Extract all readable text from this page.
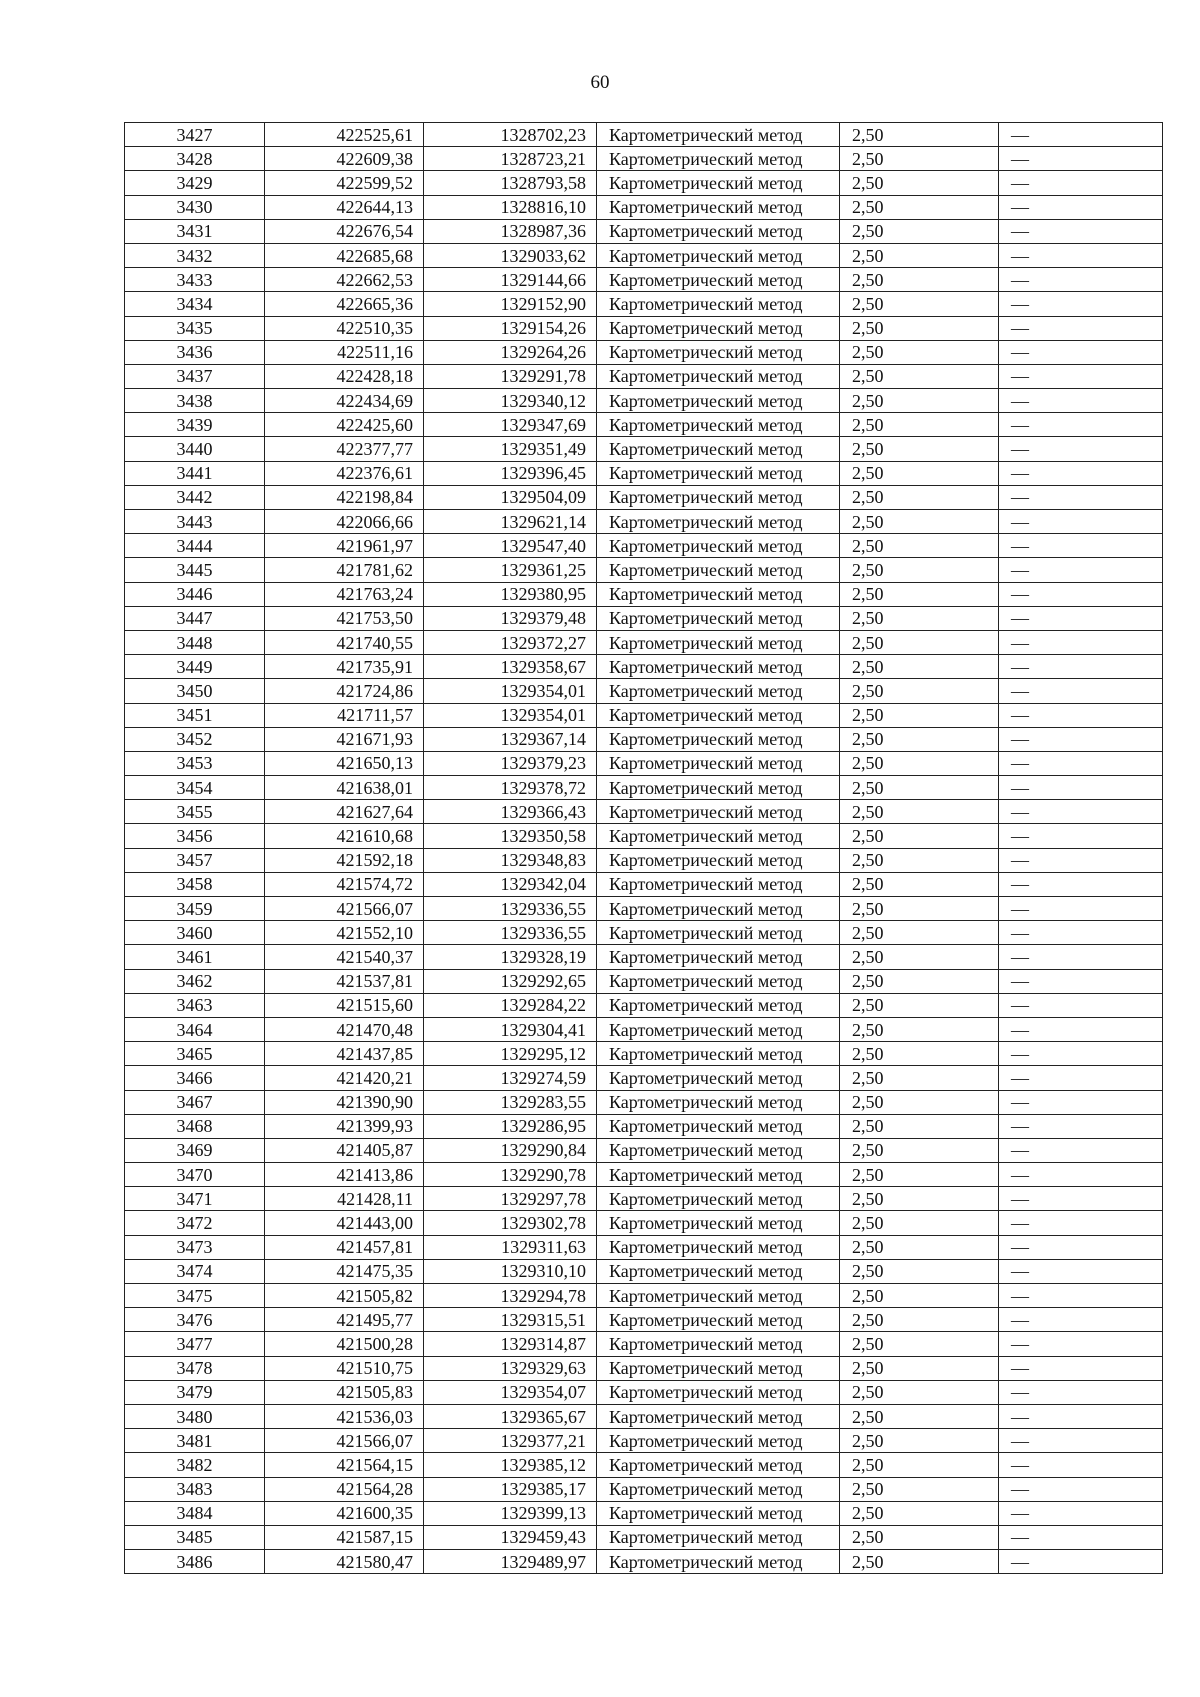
60
3427	422525,61	1328702,23	Картометрический метод	2,50	—
3428	422609,38	1328723,21	Картометрический метод	2,50	—
3429	422599,52	1328793,58	Картометрический метод	2,50	—
3430	422644,13	1328816,10	Картометрический метод	2,50	—
3431	422676,54	1328987,36	Картометрический метод	2,50	—
3432	422685,68	1329033,62	Картометрический метод	2,50	—
3433	422662,53	1329144,66	Картометрический метод	2,50	—
3434	422665,36	1329152,90	Картометрический метод	2,50	—
3435	422510,35	1329154,26	Картометрический метод	2,50	—
3436	422511,16	1329264,26	Картометрический метод	2,50	—
3437	422428,18	1329291,78	Картометрический метод	2,50	—
3438	422434,69	1329340,12	Картометрический метод	2,50	—
3439	422425,60	1329347,69	Картометрический метод	2,50	—
3440	422377,77	1329351,49	Картометрический метод	2,50	—
3441	422376,61	1329396,45	Картометрический метод	2,50	—
3442	422198,84	1329504,09	Картометрический метод	2,50	—
3443	422066,66	1329621,14	Картометрический метод	2,50	—
3444	421961,97	1329547,40	Картометрический метод	2,50	—
3445	421781,62	1329361,25	Картометрический метод	2,50	—
3446	421763,24	1329380,95	Картометрический метод	2,50	—
3447	421753,50	1329379,48	Картометрический метод	2,50	—
3448	421740,55	1329372,27	Картометрический метод	2,50	—
3449	421735,91	1329358,67	Картометрический метод	2,50	—
3450	421724,86	1329354,01	Картометрический метод	2,50	—
3451	421711,57	1329354,01	Картометрический метод	2,50	—
3452	421671,93	1329367,14	Картометрический метод	2,50	—
3453	421650,13	1329379,23	Картометрический метод	2,50	—
3454	421638,01	1329378,72	Картометрический метод	2,50	—
3455	421627,64	1329366,43	Картометрический метод	2,50	—
3456	421610,68	1329350,58	Картометрический метод	2,50	—
3457	421592,18	1329348,83	Картометрический метод	2,50	—
3458	421574,72	1329342,04	Картометрический метод	2,50	—
3459	421566,07	1329336,55	Картометрический метод	2,50	—
3460	421552,10	1329336,55	Картометрический метод	2,50	—
3461	421540,37	1329328,19	Картометрический метод	2,50	—
3462	421537,81	1329292,65	Картометрический метод	2,50	—
3463	421515,60	1329284,22	Картометрический метод	2,50	—
3464	421470,48	1329304,41	Картометрический метод	2,50	—
3465	421437,85	1329295,12	Картометрический метод	2,50	—
3466	421420,21	1329274,59	Картометрический метод	2,50	—
3467	421390,90	1329283,55	Картометрический метод	2,50	—
3468	421399,93	1329286,95	Картометрический метод	2,50	—
3469	421405,87	1329290,84	Картометрический метод	2,50	—
3470	421413,86	1329290,78	Картометрический метод	2,50	—
3471	421428,11	1329297,78	Картометрический метод	2,50	—
3472	421443,00	1329302,78	Картометрический метод	2,50	—
3473	421457,81	1329311,63	Картометрический метод	2,50	—
3474	421475,35	1329310,10	Картометрический метод	2,50	—
3475	421505,82	1329294,78	Картометрический метод	2,50	—
3476	421495,77	1329315,51	Картометрический метод	2,50	—
3477	421500,28	1329314,87	Картометрический метод	2,50	—
3478	421510,75	1329329,63	Картометрический метод	2,50	—
3479	421505,83	1329354,07	Картометрический метод	2,50	—
3480	421536,03	1329365,67	Картометрический метод	2,50	—
3481	421566,07	1329377,21	Картометрический метод	2,50	—
3482	421564,15	1329385,12	Картометрический метод	2,50	—
3483	421564,28	1329385,17	Картометрический метод	2,50	—
3484	421600,35	1329399,13	Картометрический метод	2,50	—
3485	421587,15	1329459,43	Картометрический метод	2,50	—
3486	421580,47	1329489,97	Картометрический метод	2,50	—
